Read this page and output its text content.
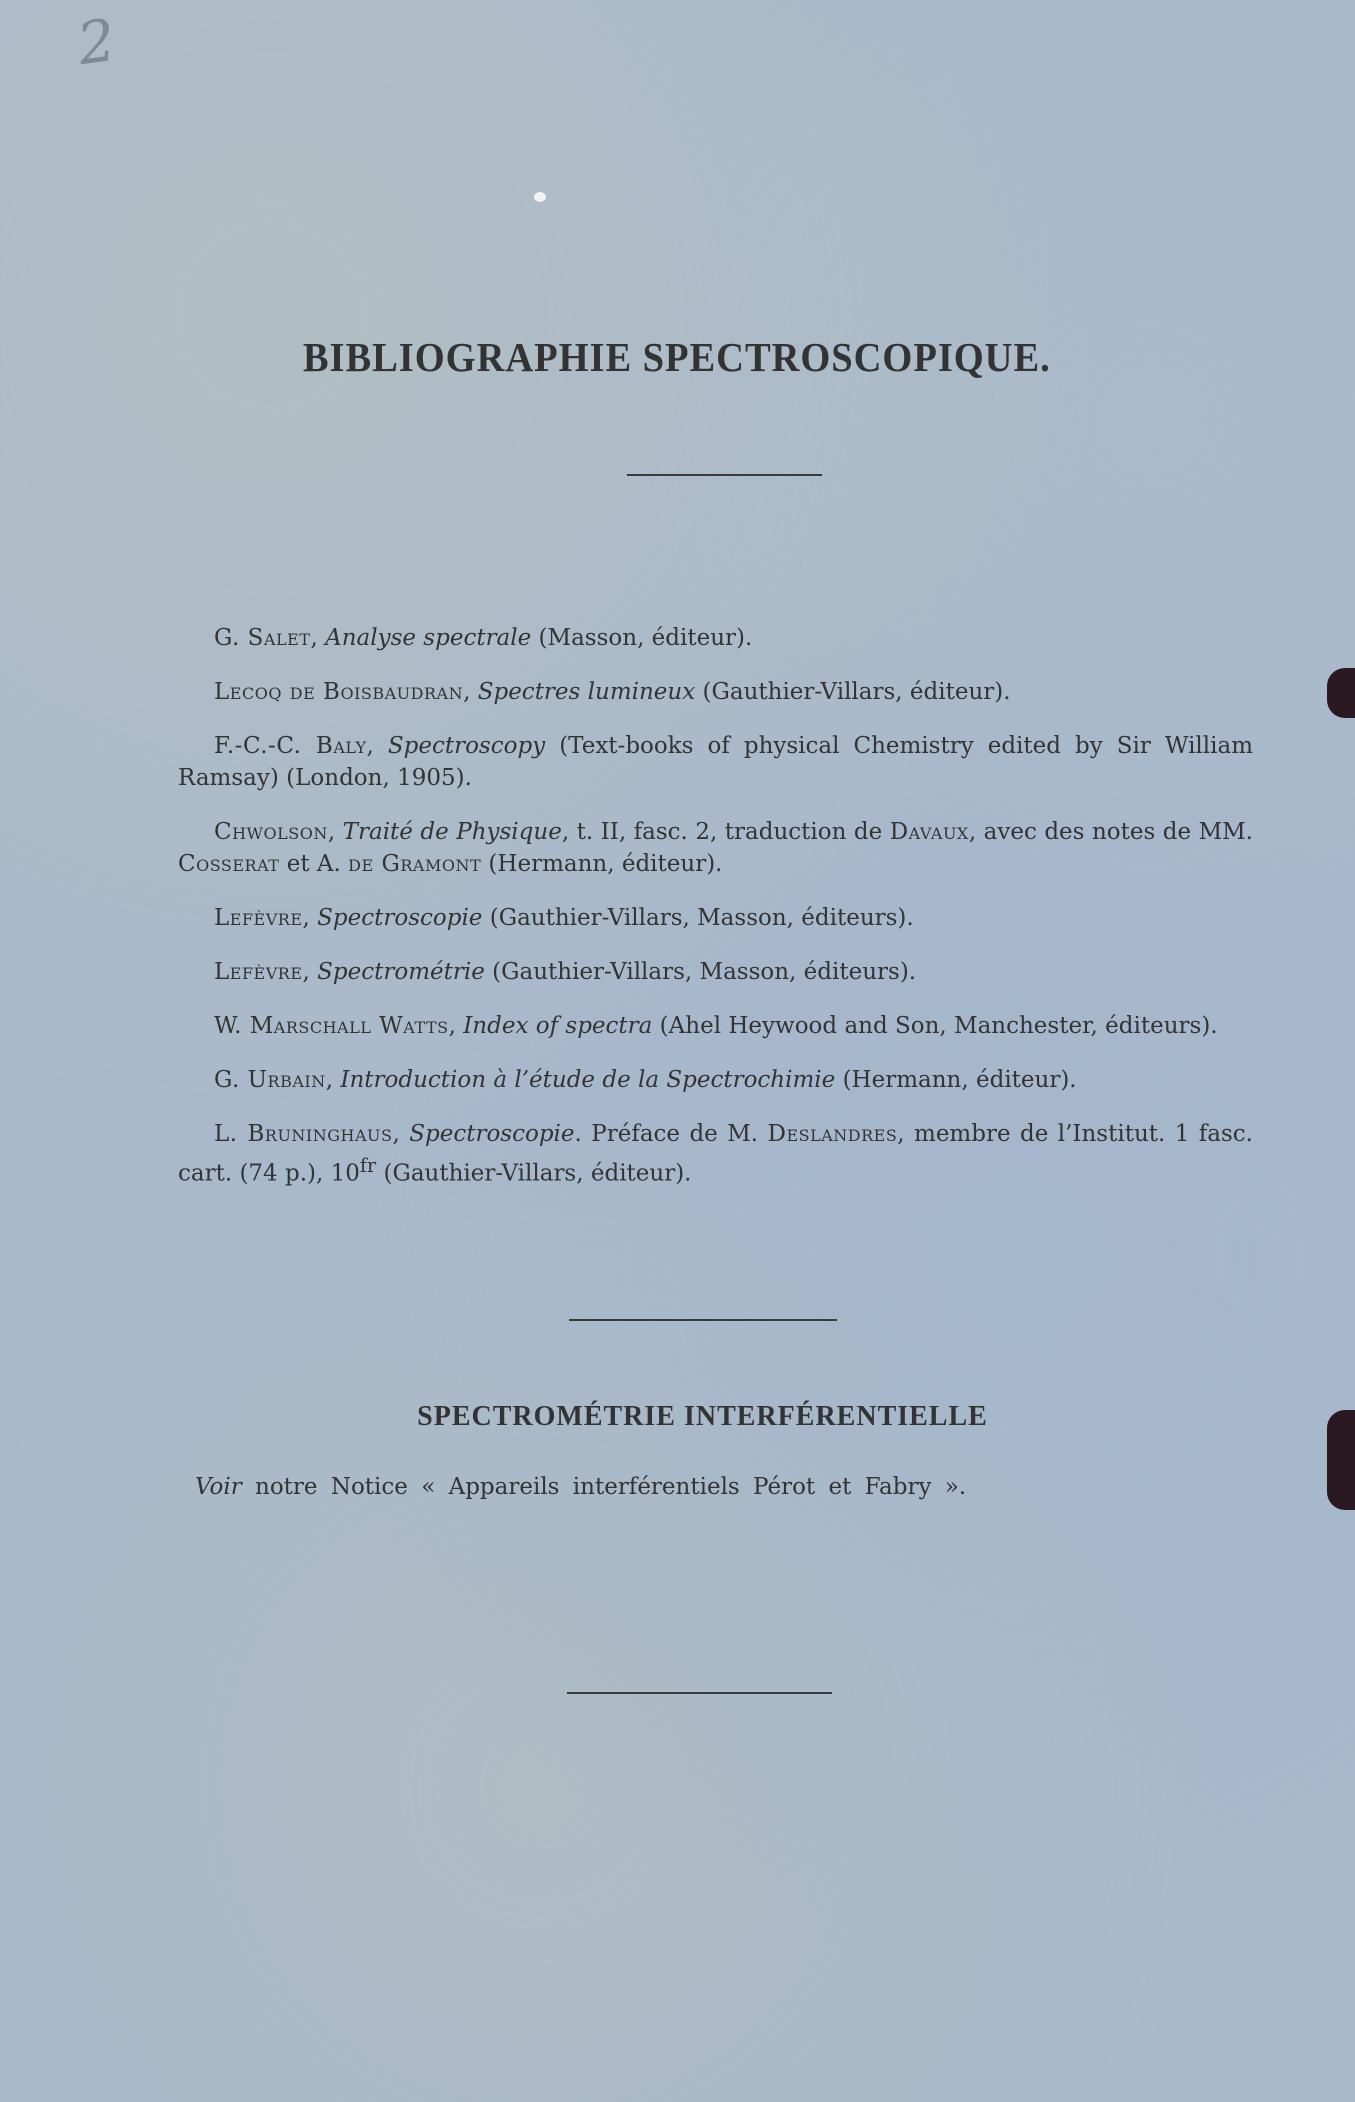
2
BIBLIOGRAPHIE SPECTROSCOPIQUE.

G. Salet, Analyse spectrale (Masson, éditeur).

Lecoq de Boisbaudran, Spectres lumineux (Gauthier-Villars, éditeur).

F.-C.-C. Baly, Spectroscopy (Text-books of physical Chemistry edited by Sir William Ramsay) (London, 1905).

Chwolson, Traité de Physique, t. II, fasc. 2, traduction de Davaux, avec des notes de MM. Cosserat et A. de Gramont (Hermann, éditeur).

Lefèvre, Spectroscopie (Gauthier-Villars, Masson, éditeurs).

Lefèvre, Spectrométrie (Gauthier-Villars, Masson, éditeurs).

W. Marschall Watts, Index of spectra (Ahel Heywood and Son, Manchester, éditeurs).

G. Urbain, Introduction à l’étude de la Spectrochimie (Hermann, éditeur).

L. Bruninghaus, Spectroscopie. Préface de M. Deslandres, membre de l’Institut. 1 fasc. cart. (74 p.), $10^{fr}$ (Gauthier-Villars, éditeur).

SPECTROMÉTRIE INTERFÉRENTIELLE

Voir notre Notice « Appareils interférentiels Pérot et Fabry ».
